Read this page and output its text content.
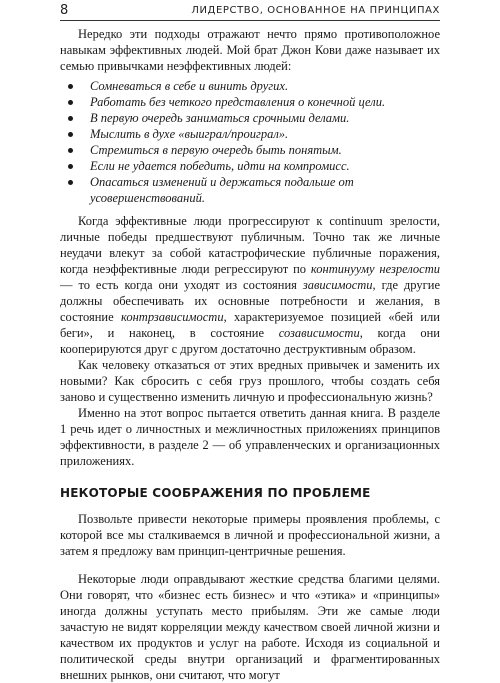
8	ЛИДЕРСТВО, ОСНОВАННОЕ НА ПРИНЦИПАХ

Нередко эти подходы отражают нечто прямо противоположное навыкам эффективных людей. Мой брат Джон Кови даже называет их семью привычками неэффективных людей:

Сомневаться в себе и винить других.
Работать без четкого представления о конечной цели.
В первую очередь заниматься срочными делами.
Мыслить в духе «выиграл/проиграл».
Стремиться в первую очередь быть понятым.
Если не удается победить, идти на компромисс.
Опасаться изменений и держаться подальше от усовершенствований.

Когда эффективные люди прогрессируют к continuum зрелости, личные победы предшествуют публичным. Точно так же личные неудачи влекут за собой катастрофические публичные поражения, когда неэффективные люди регрессируют по континууму незрелости — то есть когда они уходят из состояния зависимости, где другие должны обеспечивать их основные потребности и желания, в состояние контрзависимости, характеризуемое позицией «бей или беги», и наконец, в состояние созависимости, когда они кооперируются друг с другом достаточно деструктивным образом.

Как человеку отказаться от этих вредных привычек и заменить их новыми? Как сбросить с себя груз прошлого, чтобы создать себя заново и существенно изменить личную и профессиональную жизнь?

Именно на этот вопрос пытается ответить данная книга. В разделе 1 речь идет о личностных и межличностных приложениях принципов эффективности, в разделе 2 — об управленческих и организационных приложениях.

НЕКОТОРЫЕ СООБРАЖЕНИЯ ПО ПРОБЛЕМЕ

Позвольте привести некоторые примеры проявления проблемы, с которой все мы сталкиваемся в личной и профессиональной жизни, а затем я предложу вам принцип-центричные решения.

Некоторые люди оправдывают жесткие средства благими целями. Они говорят, что «бизнес есть бизнес» и что «этика» и «принципы» иногда должны уступать место прибылям. Эти же самые люди зачастую не видят корреляции между качеством своей личной жизни и качеством их продуктов и услуг на работе. Исходя из социальной и политической среды внутри организаций и фрагментированных внешних рынков, они считают, что могут
